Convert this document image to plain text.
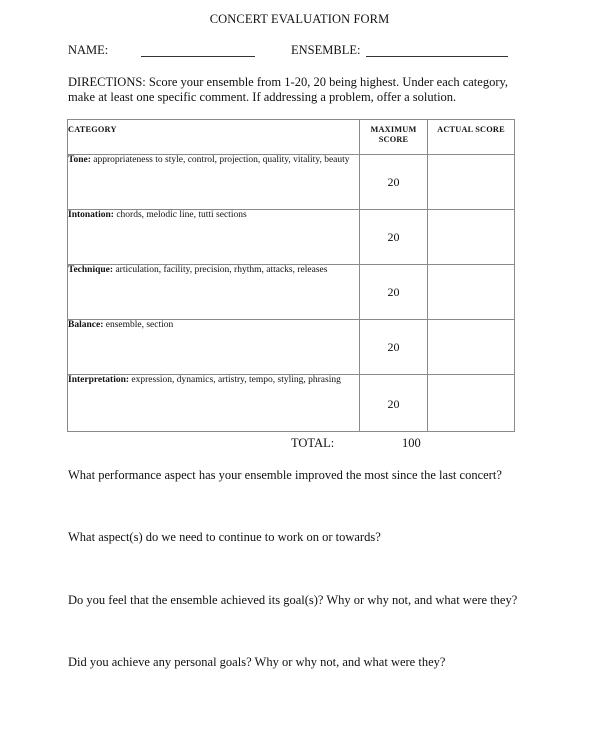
CONCERT EVALUATION FORM
NAME:	ENSEMBLE:
DIRECTIONS: Score your ensemble from 1-20, 20 being highest. Under each category, make at least one specific comment. If addressing a problem, offer a solution.
CATEGORY	MAXIMUM SCORE	ACTUAL SCORE
Tone: appropriateness to style, control, projection, quality, vitality, beauty	20	

Intonation: chords, melodic line, tutti sections	20	

Technique: articulation, facility, precision, rhythm, attacks, releases	20	

Balance: ensemble, section	20	

Interpretation: expression, dynamics, artistry, tempo, styling, phrasing	20	

TOTAL:	100
What performance aspect has your ensemble improved the most since the last concert?
What aspect(s) do we need to continue to work on or towards?
Do you feel that the ensemble achieved its goal(s)? Why or why not, and what were they?
Did you achieve any personal goals? Why or why not, and what were they?
